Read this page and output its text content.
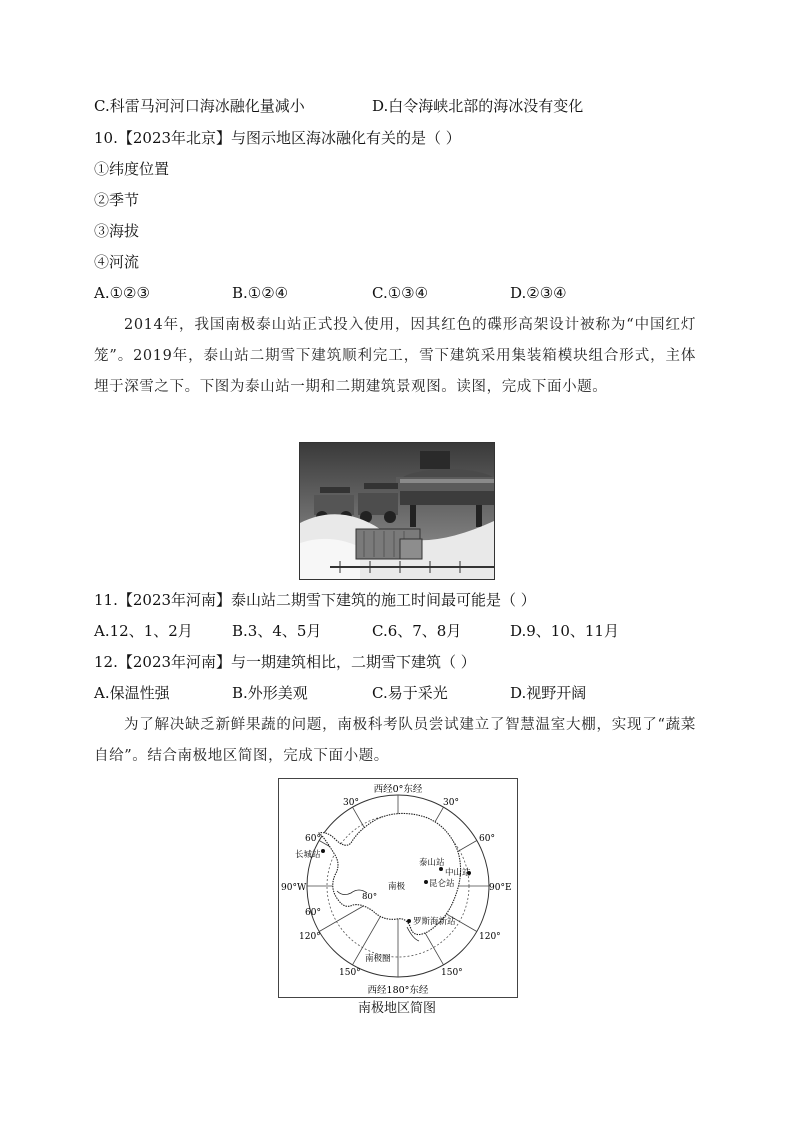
C.科雷马河河口海冰融化量减小	D.白令海峡北部的海冰没有变化
10.【2023年北京】与图示地区海冰融化有关的是（ ）
①纬度位置
②季节
③海拔
④河流
A.①②③	B.①②④	C.①③④	D.②③④
2014年，我国南极泰山站正式投入使用，因其红色的碟形高架设计被称为“中国红灯笼”。2019年，泰山站二期雪下建筑顺利完工，雪下建筑采用集装箱模块组合形式，主体埋于深雪之下。下图为泰山站一期和二期建筑景观图。读图，完成下面小题。
11.【2023年河南】泰山站二期雪下建筑的施工时间最可能是（ ）
A.12、1、2月	B.3、4、5月	C.6、7、8月	D.9、10、11月
12.【2023年河南】与一期建筑相比，二期雪下建筑（ ）
A.保温性强	B.外形美观	C.易于采光	D.视野开阔
为了解决缺乏新鲜果蔬的问题，南极科考队员尝试建立了智慧温室大棚，实现了“蔬菜自给”。结合南极地区简图，完成下面小题。
西经0°东经
西经180°东经
90°W	90°E
30°	30°
60°	60°
60°
120°	120°
150°	150°
80°
南极
南极圈
长城站
泰山站
中山站
昆仑站
罗斯海新站
南极地区简图
